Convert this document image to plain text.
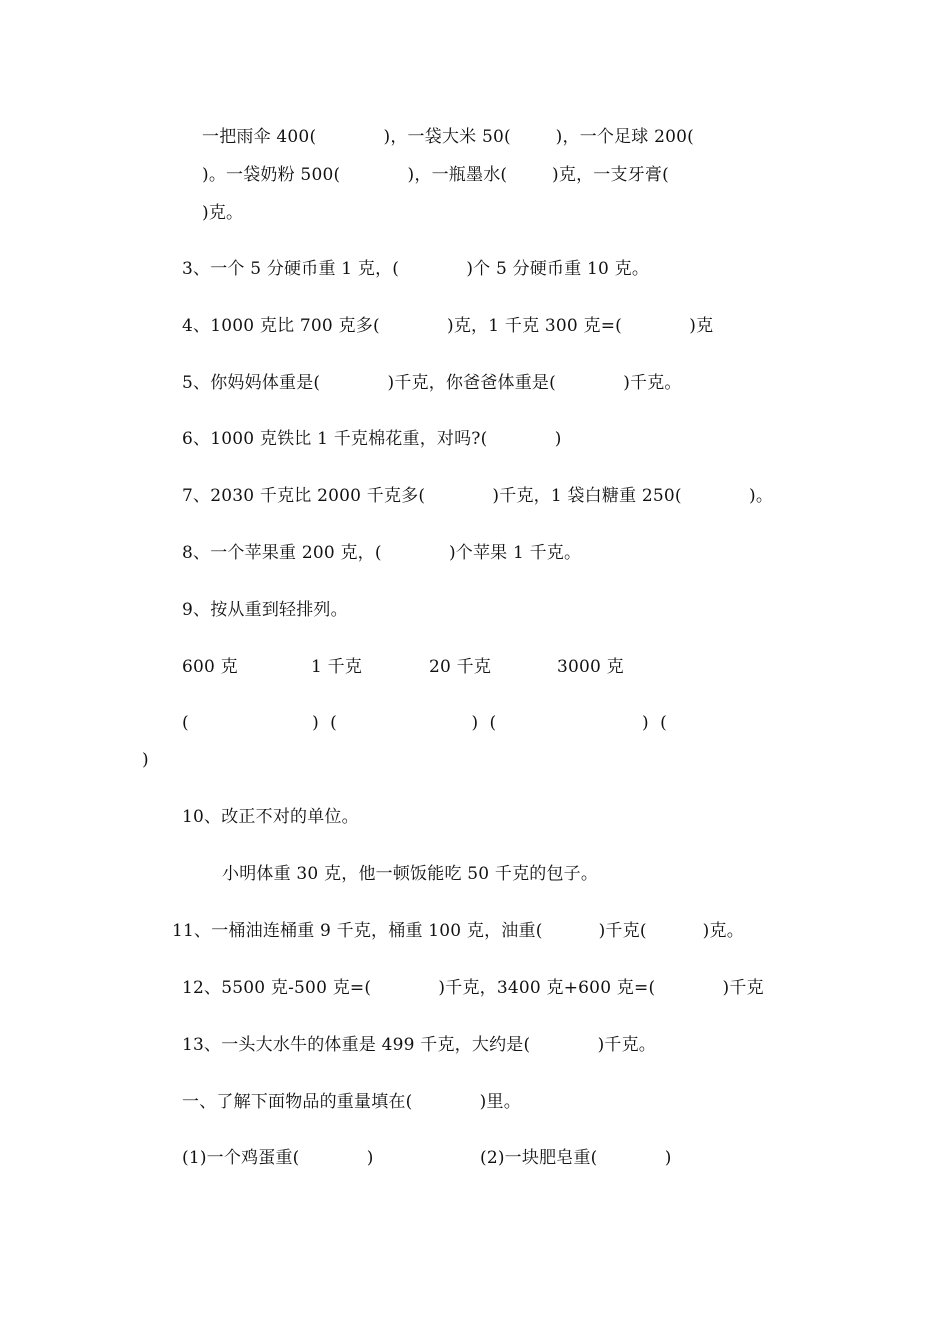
一把雨伞 400(            )，一袋大米 50(        )，一个足球 200(
)。一袋奶粉 500(            )，一瓶墨水(        )克，一支牙膏(
)克。
3、一个 5 分硬币重 1 克，(            )个 5 分硬币重 10 克。
4、1000 克比 700 克多(            )克，1 千克 300 克=(            )克
5、你妈妈体重是(            )千克，你爸爸体重是(            )千克。
6、1000 克铁比 1 千克棉花重，对吗?(            )
7、2030 千克比 2000 千克多(            )千克，1 袋白糖重 250(            )。
8、一个苹果重 200 克，(            )个苹果 1 千克。
9、按从重到轻排列。
600 克	1 千克	20 千克	3000 克
(                      )  (                        )  (                          )  (
)
10、改正不对的单位。
小明体重 30 克，他一顿饭能吃 50 千克的包子。
11、一桶油连桶重 9 千克，桶重 100 克，油重(          )千克(          )克。
12、5500 克-500 克=(            )千克，3400 克+600 克=(            )千克
13、一头大水牛的体重是 499 千克，大约是(            )千克。
一、了解下面物品的重量填在(            )里。
(1)一个鸡蛋重(            )	(2)一块肥皂重(            )
